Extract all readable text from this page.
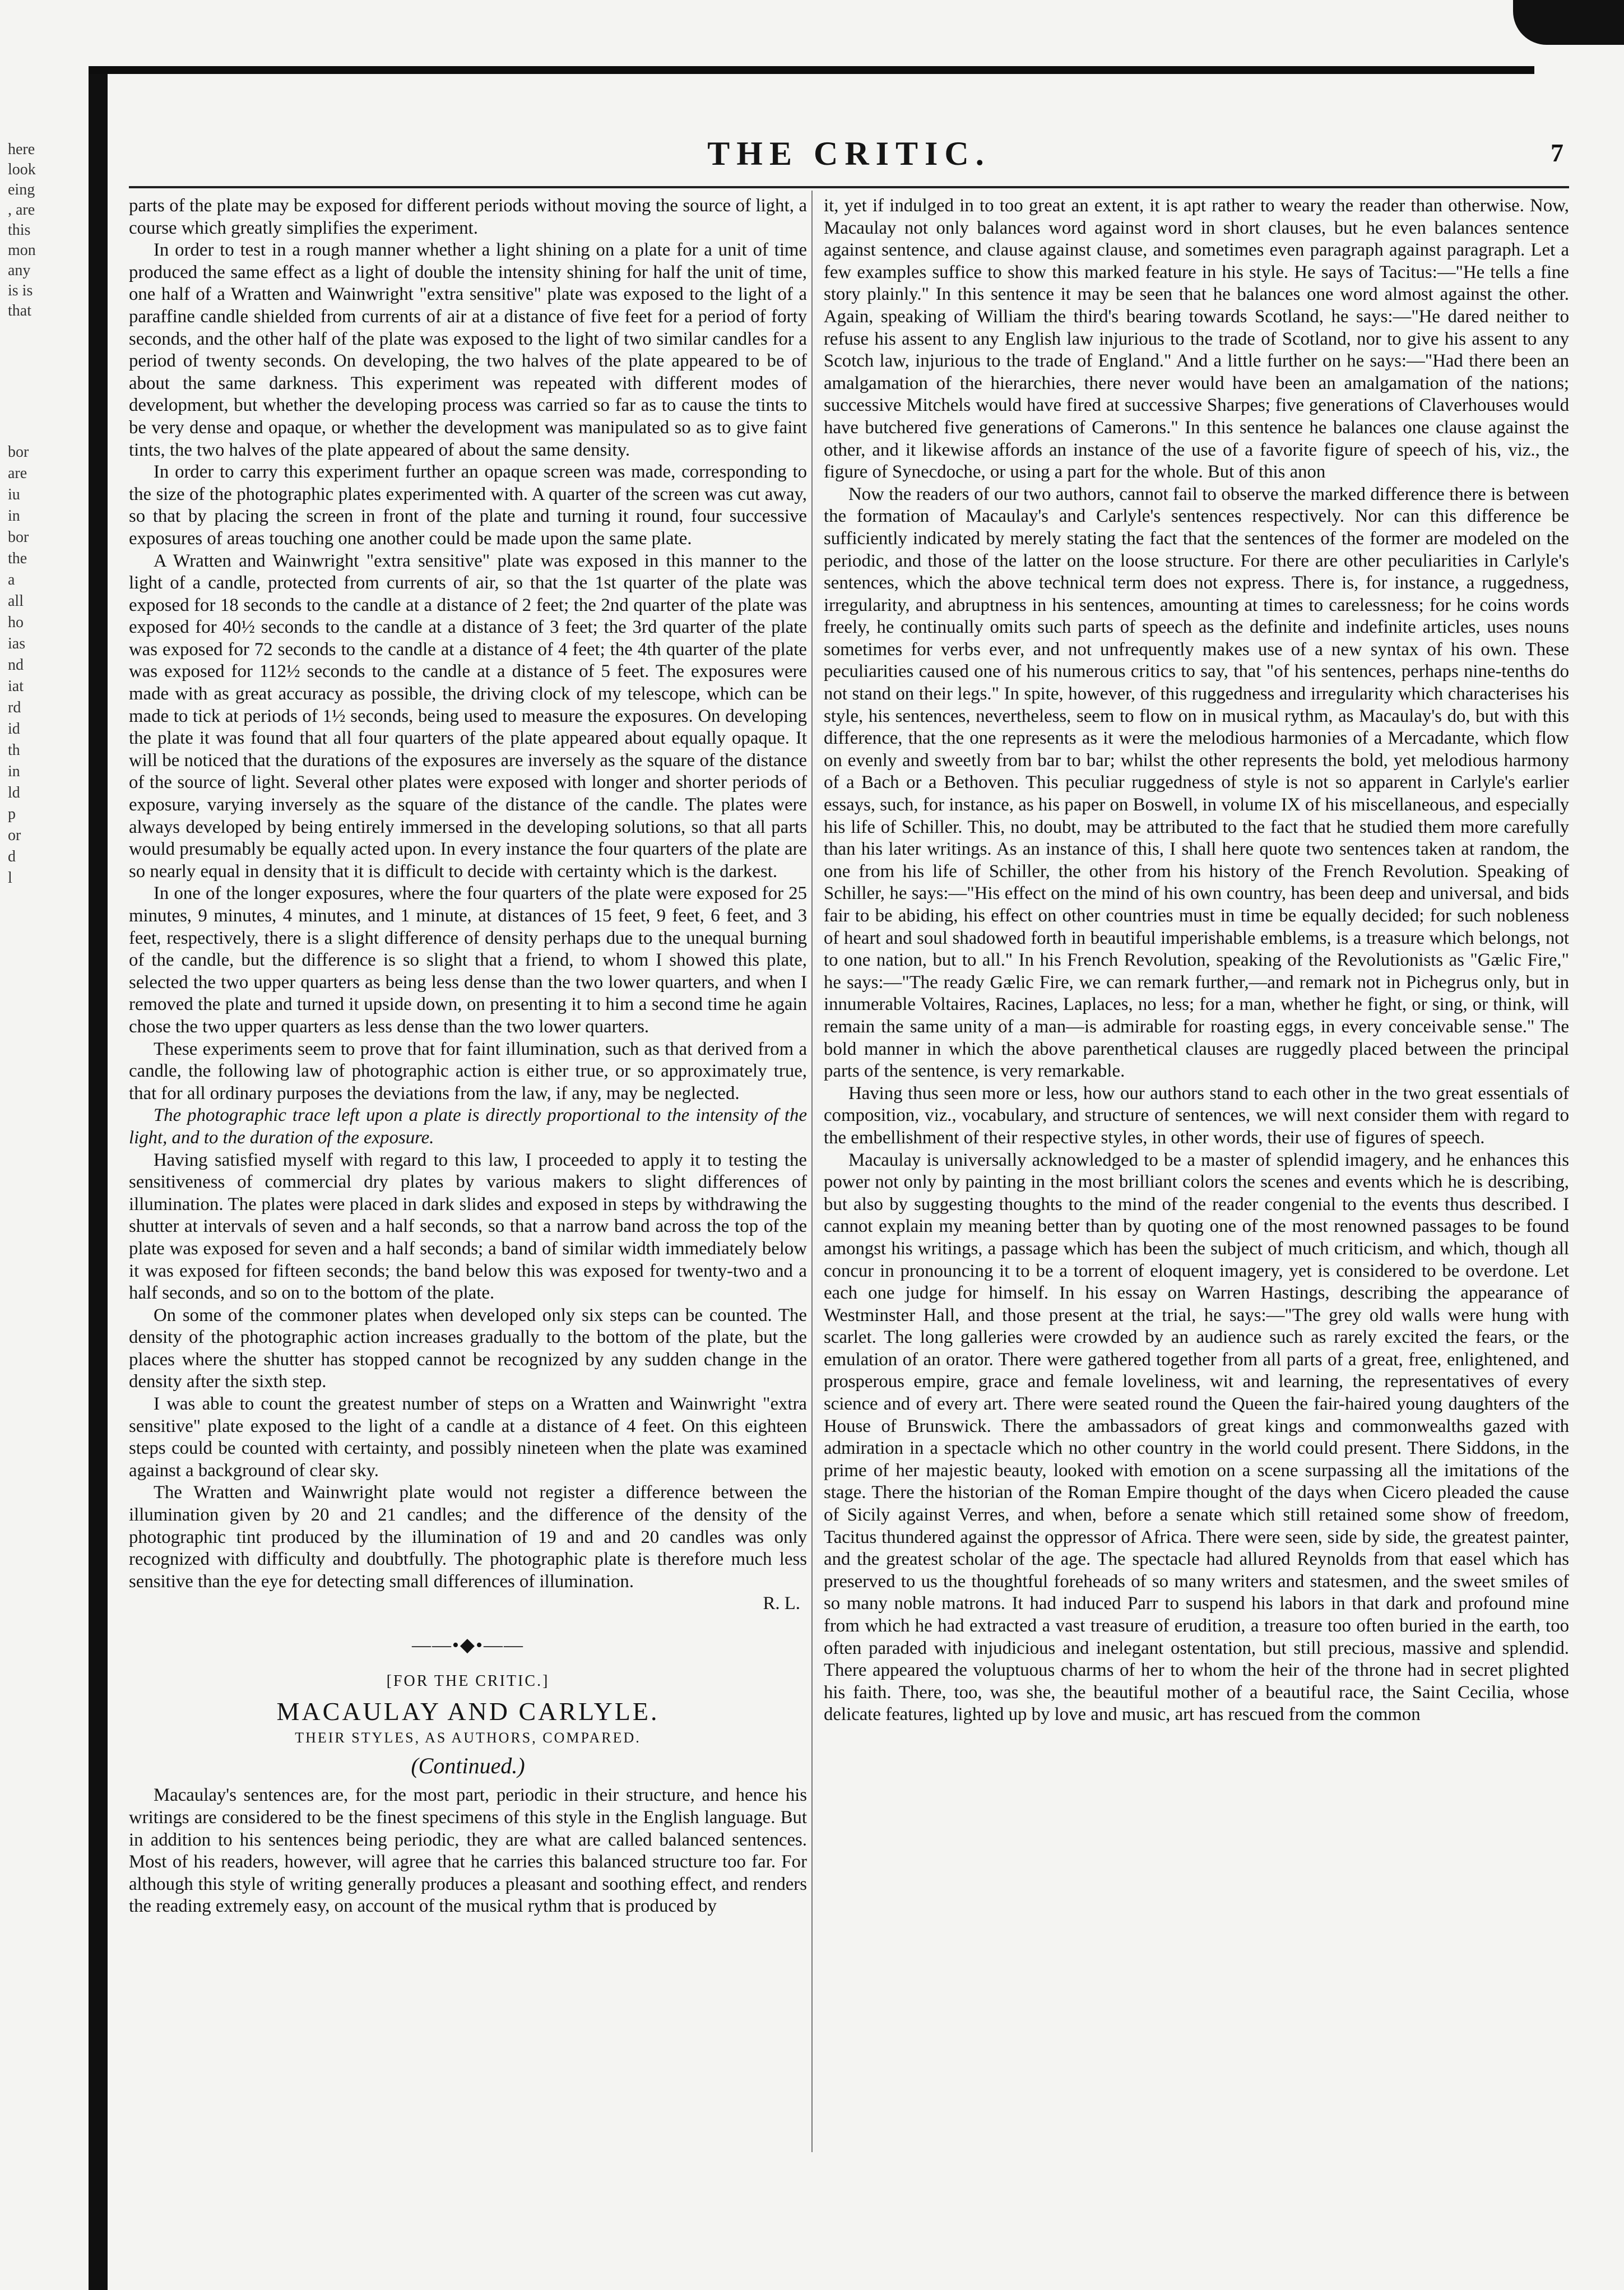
here
look
eing
, are
this
mon
any
is is
that
bor
are
iu
in
bor
the
a
all
ho
ias
nd
iat
rd
id
th
in
ld
p
or
d
l
THE CRITIC.	7

parts of the plate may be exposed for different periods without moving the source of light, a course which greatly simplifies the experiment.

In order to test in a rough manner whether a light shining on a plate for a unit of time produced the same effect as a light of double the intensity shining for half the unit of time, one half of a Wratten and Wainwright "extra sensitive" plate was exposed to the light of a paraffine candle shielded from currents of air at a distance of five feet for a period of forty seconds, and the other half of the plate was exposed to the light of two similar candles for a period of twenty seconds. On developing, the two halves of the plate appeared to be of about the same darkness. This experiment was repeated with different modes of development, but whether the developing process was carried so far as to cause the tints to be very dense and opaque, or whether the development was manipulated so as to give faint tints, the two halves of the plate appeared of about the same density.

In order to carry this experiment further an opaque screen was made, corresponding to the size of the photographic plates experimented with. A quarter of the screen was cut away, so that by placing the screen in front of the plate and turning it round, four successive exposures of areas touching one another could be made upon the same plate.

A Wratten and Wainwright "extra sensitive" plate was exposed in this manner to the light of a candle, protected from currents of air, so that the 1st quarter of the plate was exposed for 18 seconds to the candle at a distance of 2 feet; the 2nd quarter of the plate was exposed for 40½ seconds to the candle at a distance of 3 feet; the 3rd quarter of the plate was exposed for 72 seconds to the candle at a distance of 4 feet; the 4th quarter of the plate was exposed for 112½ seconds to the candle at a distance of 5 feet. The exposures were made with as great accuracy as possible, the driving clock of my telescope, which can be made to tick at periods of 1½ seconds, being used to measure the exposures. On developing the plate it was found that all four quarters of the plate appeared about equally opaque. It will be noticed that the durations of the exposures are inversely as the square of the distance of the source of light. Several other plates were exposed with longer and shorter periods of exposure, varying inversely as the square of the distance of the candle. The plates were always developed by being entirely immersed in the developing solutions, so that all parts would presumably be equally acted upon. In every instance the four quarters of the plate are so nearly equal in density that it is difficult to decide with certainty which is the darkest.

In one of the longer exposures, where the four quarters of the plate were exposed for 25 minutes, 9 minutes, 4 minutes, and 1 minute, at distances of 15 feet, 9 feet, 6 feet, and 3 feet, respectively, there is a slight difference of density perhaps due to the unequal burning of the candle, but the difference is so slight that a friend, to whom I showed this plate, selected the two upper quarters as being less dense than the two lower quarters, and when I removed the plate and turned it upside down, on presenting it to him a second time he again chose the two upper quarters as less dense than the two lower quarters.

These experiments seem to prove that for faint illumination, such as that derived from a candle, the following law of photographic action is either true, or so approximately true, that for all ordinary purposes the deviations from the law, if any, may be neglected.

The photographic trace left upon a plate is directly proportional to the intensity of the light, and to the duration of the exposure.

Having satisfied myself with regard to this law, I proceeded to apply it to testing the sensitiveness of commercial dry plates by various makers to slight differences of illumination. The plates were placed in dark slides and exposed in steps by withdrawing the shutter at intervals of seven and a half seconds, so that a narrow band across the top of the plate was exposed for seven and a half seconds; a band of similar width immediately below it was exposed for fifteen seconds; the band below this was exposed for twenty-two and a half seconds, and so on to the bottom of the plate.

On some of the commoner plates when developed only six steps can be counted. The density of the photographic action increases gradually to the bottom of the plate, but the places where the shutter has stopped cannot be recognized by any sudden change in the density after the sixth step.

I was able to count the greatest number of steps on a Wratten and Wainwright "extra sensitive" plate exposed to the light of a candle at a distance of 4 feet. On this eighteen steps could be counted with certainty, and possibly nineteen when the plate was examined against a background of clear sky.

The Wratten and Wainwright plate would not register a difference between the illumination given by 20 and 21 candles; and the difference of the density of the photographic tint produced by the illumination of 19 and and 20 candles was only recognized with difficulty and doubtfully. The photographic plate is therefore much less sensitive than the eye for detecting small differences of illumination.

R. L.
——•◆•——
[FOR THE CRITIC.]
MACAULAY AND CARLYLE.
THEIR STYLES, AS AUTHORS, COMPARED.
(Continued.)

Macaulay's sentences are, for the most part, periodic in their structure, and hence his writings are considered to be the finest specimens of this style in the English language. But in addition to his sentences being periodic, they are what are called balanced sentences. Most of his readers, however, will agree that he carries this balanced structure too far. For although this style of writing generally produces a pleasant and soothing effect, and renders the reading extremely easy, on account of the musical rythm that is produced by

it, yet if indulged in to too great an extent, it is apt rather to weary the reader than otherwise. Now, Macaulay not only balances word against word in short clauses, but he even balances sentence against sentence, and clause against clause, and sometimes even paragraph against paragraph. Let a few examples suffice to show this marked feature in his style. He says of Tacitus:—"He tells a fine story plainly." In this sentence it may be seen that he balances one word almost against the other. Again, speaking of William the third's bearing towards Scotland, he says:—"He dared neither to refuse his assent to any English law injurious to the trade of Scotland, nor to give his assent to any Scotch law, injurious to the trade of England." And a little further on he says:—"Had there been an amalgamation of the hierarchies, there never would have been an amalgamation of the nations; successive Mitchels would have fired at successive Sharpes; five generations of Claverhouses would have butchered five generations of Camerons." In this sentence he balances one clause against the other, and it likewise affords an instance of the use of a favorite figure of speech of his, viz., the figure of Synecdoche, or using a part for the whole. But of this anon

Now the readers of our two authors, cannot fail to observe the marked difference there is between the formation of Macaulay's and Carlyle's sentences respectively. Nor can this difference be sufficiently indicated by merely stating the fact that the sentences of the former are modeled on the periodic, and those of the latter on the loose structure. For there are other peculiarities in Carlyle's sentences, which the above technical term does not express. There is, for instance, a ruggedness, irregularity, and abruptness in his sentences, amounting at times to carelessness; for he coins words freely, he continually omits such parts of speech as the definite and indefinite articles, uses nouns sometimes for verbs ever, and not unfrequently makes use of a new syntax of his own. These peculiarities caused one of his numerous critics to say, that "of his sentences, perhaps nine-tenths do not stand on their legs." In spite, however, of this ruggedness and irregularity which characterises his style, his sentences, nevertheless, seem to flow on in musical rythm, as Macaulay's do, but with this difference, that the one represents as it were the melodious harmonies of a Mercadante, which flow on evenly and sweetly from bar to bar; whilst the other represents the bold, yet melodious harmony of a Bach or a Bethoven. This peculiar ruggedness of style is not so apparent in Carlyle's earlier essays, such, for instance, as his paper on Boswell, in volume IX of his miscellaneous, and especially his life of Schiller. This, no doubt, may be attributed to the fact that he studied them more carefully than his later writings. As an instance of this, I shall here quote two sentences taken at random, the one from his life of Schiller, the other from his history of the French Revolution. Speaking of Schiller, he says:—"His effect on the mind of his own country, has been deep and universal, and bids fair to be abiding, his effect on other countries must in time be equally decided; for such nobleness of heart and soul shadowed forth in beautiful imperishable emblems, is a treasure which belongs, not to one nation, but to all." In his French Revolution, speaking of the Revolutionists as "Gælic Fire," he says:—"The ready Gælic Fire, we can remark further,—and remark not in Pichegrus only, but in innumerable Voltaires, Racines, Laplaces, no less; for a man, whether he fight, or sing, or think, will remain the same unity of a man—is admirable for roasting eggs, in every conceivable sense." The bold manner in which the above parenthetical clauses are ruggedly placed between the principal parts of the sentence, is very remarkable.

Having thus seen more or less, how our authors stand to each other in the two great essentials of composition, viz., vocabulary, and structure of sentences, we will next consider them with regard to the embellishment of their respective styles, in other words, their use of figures of speech.

Macaulay is universally acknowledged to be a master of splendid imagery, and he enhances this power not only by painting in the most brilliant colors the scenes and events which he is describing, but also by suggesting thoughts to the mind of the reader congenial to the events thus described. I cannot explain my meaning better than by quoting one of the most renowned passages to be found amongst his writings, a passage which has been the subject of much criticism, and which, though all concur in pronouncing it to be a torrent of eloquent imagery, yet is considered to be overdone. Let each one judge for himself. In his essay on Warren Hastings, describing the appearance of Westminster Hall, and those present at the trial, he says:—"The grey old walls were hung with scarlet. The long galleries were crowded by an audience such as rarely excited the fears, or the emulation of an orator. There were gathered together from all parts of a great, free, enlightened, and prosperous empire, grace and female loveliness, wit and learning, the representatives of every science and of every art. There were seated round the Queen the fair-haired young daughters of the House of Brunswick. There the ambassadors of great kings and commonwealths gazed with admiration in a spectacle which no other country in the world could present. There Siddons, in the prime of her majestic beauty, looked with emotion on a scene surpassing all the imitations of the stage. There the historian of the Roman Empire thought of the days when Cicero pleaded the cause of Sicily against Verres, and when, before a senate which still retained some show of freedom, Tacitus thundered against the oppressor of Africa. There were seen, side by side, the greatest painter, and the greatest scholar of the age. The spectacle had allured Reynolds from that easel which has preserved to us the thoughtful foreheads of so many writers and statesmen, and the sweet smiles of so many noble matrons. It had induced Parr to suspend his labors in that dark and profound mine from which he had extracted a vast treasure of erudition, a treasure too often buried in the earth, too often paraded with injudicious and inelegant ostentation, but still precious, massive and splendid. There appeared the voluptuous charms of her to whom the heir of the throne had in secret plighted his faith. There, too, was she, the beautiful mother of a beautiful race, the Saint Cecilia, whose delicate features, lighted up by love and music, art has rescued from the common
